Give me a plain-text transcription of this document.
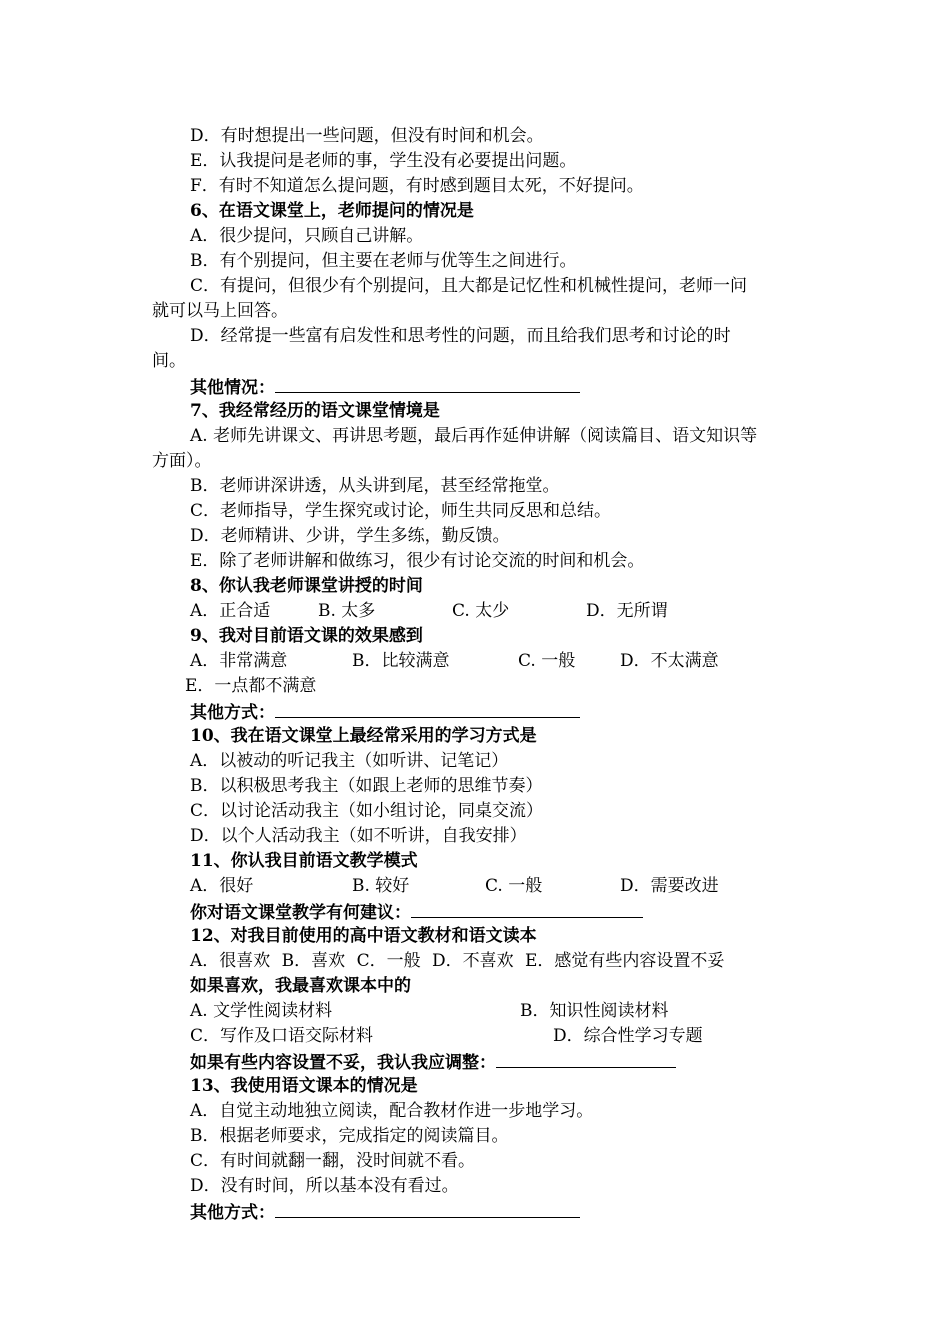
D．有时想提出一些问题，但没有时间和机会。
E．认我提问是老师的事，学生没有必要提出问题。
F．有时不知道怎么提问题，有时感到题目太死，不好提问。
6、在语文课堂上，老师提问的情况是
A．很少提问，只顾自己讲解。
B．有个别提问，但主要在老师与优等生之间进行。
C．有提问，但很少有个别提问，且大都是记忆性和机械性提问，老师一问
就可以马上回答。
D．经常提一些富有启发性和思考性的问题，而且给我们思考和讨论的时
间。
其他情况：
7、我经常经历的语文课堂情境是
A. 老师先讲课文、再讲思考题，最后再作延伸讲解（阅读篇目、语文知识等
方面）。
B．老师讲深讲透，从头讲到尾，甚至经常拖堂。
C．老师指导，学生探究或讨论，师生共同反思和总结。
D．老师精讲、少讲，学生多练，勤反馈。
E．除了老师讲解和做练习，很少有讨论交流的时间和机会。
8、你认我老师课堂讲授的时间
A．正合适	B. 太多	C. 太少	D．无所谓
9、我对目前语文课的效果感到
A．非常满意	B．比较满意	C. 一般	D．不太满意
E．一点都不满意
其他方式：
10、我在语文课堂上最经常采用的学习方式是
A．以被动的听记我主（如听讲、记笔记）
B．以积极思考我主（如跟上老师的思维节奏）
C．以讨论活动我主（如小组讨论，同桌交流）
D．以个人活动我主（如不听讲，自我安排）
11、你认我目前语文教学模式
A．很好	B. 较好	C. 一般	D．需要改进
你对语文课堂教学有何建议：
12、对我目前使用的高中语文教材和语文读本
A．很喜欢 B．喜欢 C．一般 D．不喜欢 E．感觉有些内容设置不妥
如果喜欢，我最喜欢课本中的
A. 文学性阅读材料	B．知识性阅读材料
C．写作及口语交际材料	D．综合性学习专题
如果有些内容设置不妥，我认我应调整：
13、我使用语文课本的情况是
A．自觉主动地独立阅读，配合教材作进一步地学习。
B．根据老师要求，完成指定的阅读篇目。
C．有时间就翻一翻，没时间就不看。
D．没有时间，所以基本没有看过。
其他方式：
